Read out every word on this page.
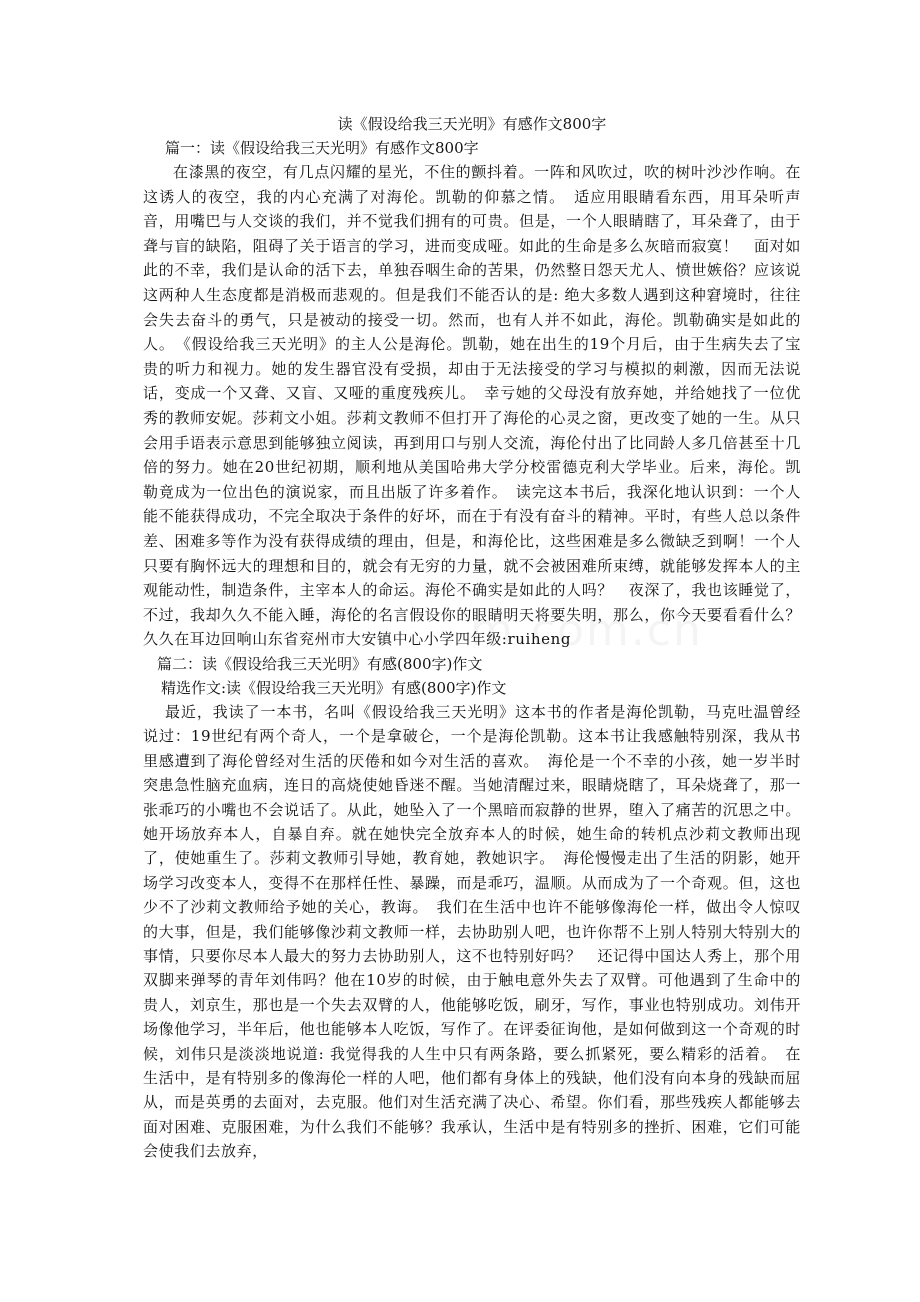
读《假设给我三天光明》有感作文800字

篇一：读《假设给我三天光明》有感作文800字

在漆黑的夜空，有几点闪耀的星光，不住的颤抖着。一阵和风吹过，吹的树叶沙沙作响。在这诱人的夜空，我的内心充满了对海伦。凯勒的仰慕之情。　适应用眼睛看东西，用耳朵听声音，用嘴巴与人交谈的我们，并不觉我们拥有的可贵。但是，一个人眼睛瞎了，耳朵聋了，由于聋与盲的缺陷，阻碍了关于语言的学习，进而变成哑。如此的生命是多么灰暗而寂寞！　面对如此的不幸，我们是认命的活下去，单独吞咽生命的苦果，仍然整日怨天尤人、愤世嫉俗？应该说这两种人生态度都是消极而悲观的。但是我们不能否认的是: 绝大多数人遇到这种窘境时，往往会失去奋斗的勇气，只是被动的接受一切。然而，也有人并不如此，海伦。凯勒确实是如此的人。　《假设给我三天光明》的主人公是海伦。凯勒，她在出生的19个月后，由于生病失去了宝贵的听力和视力。她的发生器官没有受损，却由于无法接受的学习与模拟的刺激，因而无法说话，变成一个又聋、又盲、又哑的重度残疾儿。　幸亏她的父母没有放弃她，并给她找了一位优秀的教师安妮。莎莉文小姐。莎莉文教师不但打开了海伦的心灵之窗，更改变了她的一生。从只会用手语表示意思到能够独立阅读，再到用口与别人交流，海伦付出了比同龄人多几倍甚至十几倍的努力。她在20世纪初期，顺利地从美国哈弗大学分校雷德克利大学毕业。后来，海伦。凯勒竟成为一位出色的演说家，而且出版了许多着作。　读完这本书后，我深化地认识到：一个人能不能获得成功，不完全取决于条件的好坏，而在于有没有奋斗的精神。平时，有些人总以条件差、困难多等作为没有获得成绩的理由，但是，和海伦比，这些困难是多么微缺乏到啊！一个人只要有胸怀远大的理想和目的，就会有无穷的力量，就不会被困难所束缚，就能够发挥本人的主观能动性，制造条件，主宰本人的命运。海伦不确实是如此的人吗？　夜深了，我也该睡觉了，不过，我却久久不能入睡，海伦的名言假设你的眼睛明天将要失明，那么，你今天要看看什么？久久在耳边回响山东省兖州市大安镇中心小学四年级:ruiheng

篇二：读《假设给我三天光明》有感(800字)作文

精选作文:读《假设给我三天光明》有感(800字)作文

最近，我读了一本书，名叫《假设给我三天光明》这本书的作者是海伦凯勒，马克吐温曾经说过：19世纪有两个奇人，一个是拿破仑，一个是海伦凯勒。这本书让我感触特别深，我从书里感遭到了海伦曾经对生活的厌倦和如今对生活的喜欢。　海伦是一个不幸的小孩，她一岁半时突患急性脑充血病，连日的高烧使她昏迷不醒。当她清醒过来，眼睛烧瞎了，耳朵烧聋了，那一张乖巧的小嘴也不会说话了。从此，她坠入了一个黑暗而寂静的世界，堕入了痛苦的沉思之中。她开场放弃本人，自暴自弃。就在她快完全放弃本人的时候，她生命的转机点沙莉文教师出现了，使她重生了。莎莉文教师引导她，教育她，教她识字。　海伦慢慢走出了生活的阴影，她开场学习改变本人，变得不在那样任性、暴躁，而是乖巧，温顺。从而成为了一个奇观。但，这也少不了沙莉文教师给予她的关心，教诲。　我们在生活中也许不能够像海伦一样，做出令人惊叹的大事，但是，我们能够像沙莉文教师一样，去协助别人吧，也许你帮不上别人特别大特别大的事情，只要你尽本人最大的努力去协助别人，这不也特别好吗？　还记得中国达人秀上，那个用双脚来弹琴的青年刘伟吗？他在10岁的时候，由于触电意外失去了双臂。可他遇到了生命中的贵人，刘京生，那也是一个失去双臂的人，他能够吃饭，刷牙，写作，事业也特别成功。刘伟开场像他学习，半年后，他也能够本人吃饭，写作了。在评委征询他，是如何做到这一个奇观的时候，刘伟只是淡淡地说道: 我觉得我的人生中只有两条路，要么抓紧死，要么精彩的活着。　在生活中，是有特别多的像海伦一样的人吧，他们都有身体上的残缺，他们没有向本身的残缺而屈从，而是英勇的去面对，去克服。他们对生活充满了决心、希望。你们看，那些残疾人都能够去面对困难、克服困难，为什么我们不能够？我承认，生活中是有特别多的挫折、困难，它们可能会使我们去放弃，
